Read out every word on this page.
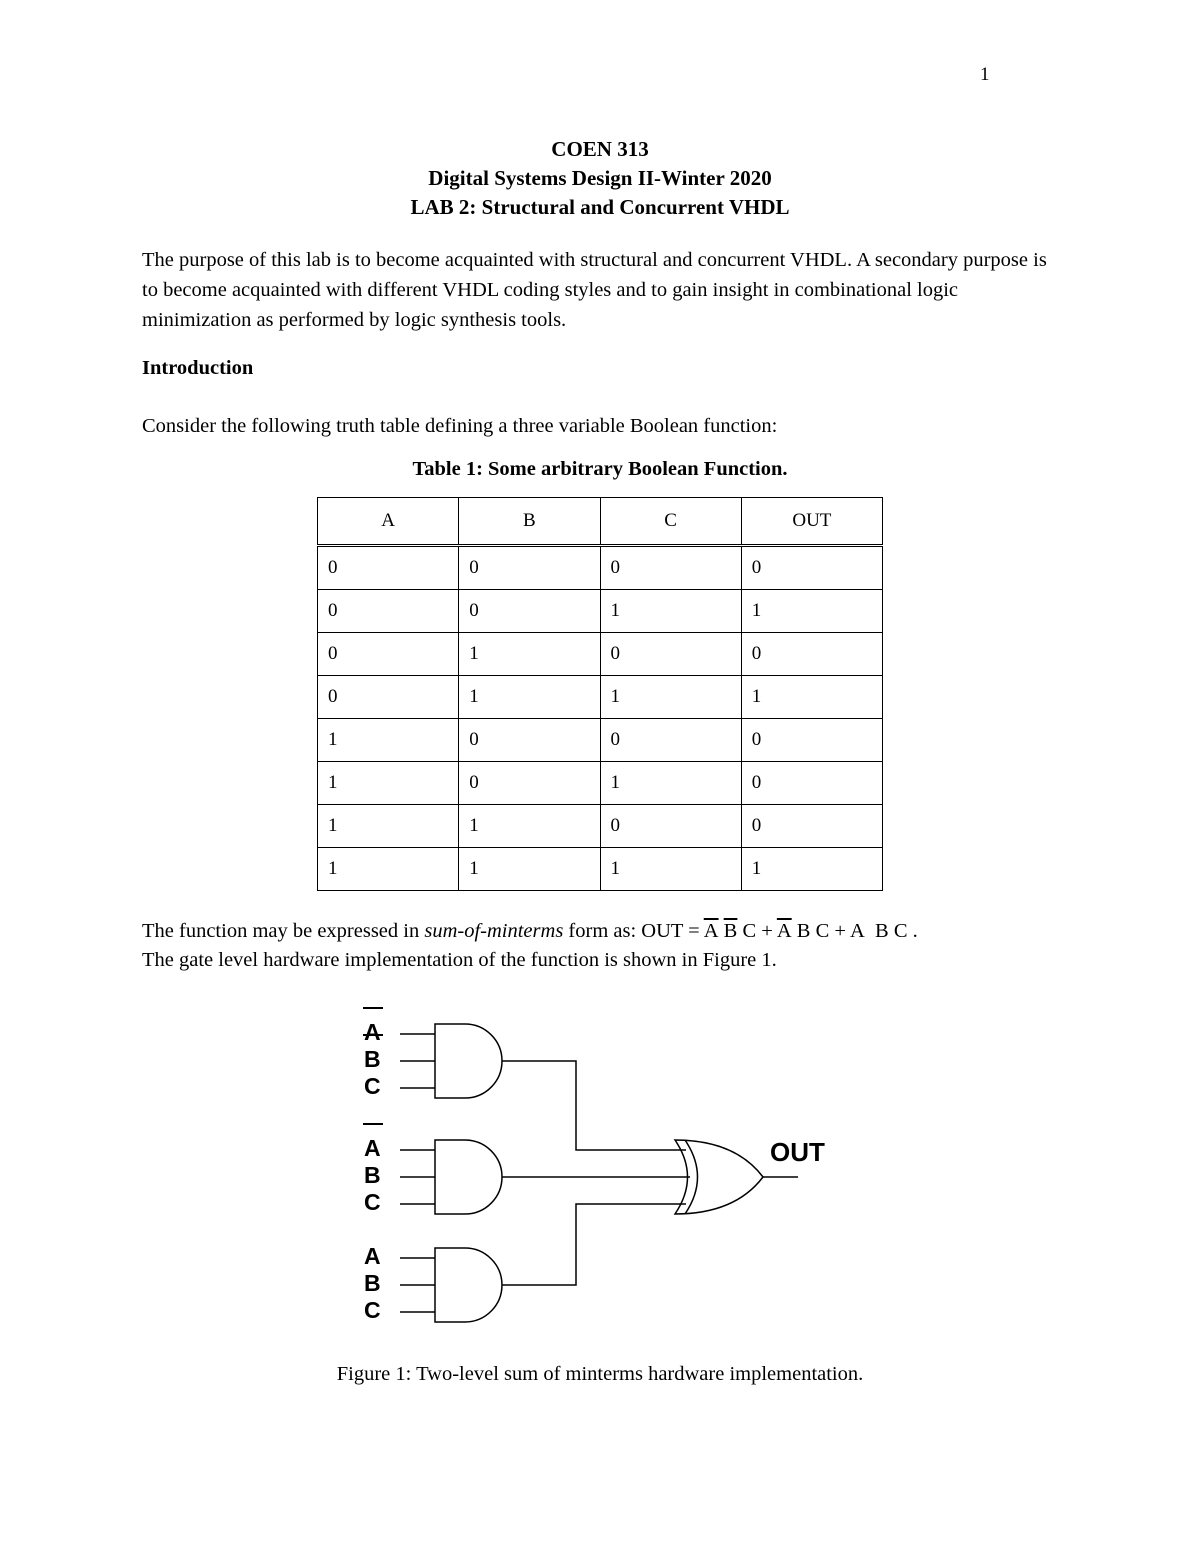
1
COEN 313
Digital Systems Design II-Winter 2020
LAB 2: Structural and Concurrent VHDL

The purpose of this lab is to become acquainted with structural and concurrent VHDL. A secondary purpose is to become acquainted with different VHDL coding styles and to gain insight in combinational logic minimization as performed by logic synthesis tools.

Introduction
Consider the following truth table defining a three variable Boolean function:
Table 1: Some arbitrary Boolean Function.
A	B	C	OUT
0	0	0	0
0	0	1	1
0	1	0	0
0	1	1	1
1	0	0	0
1	0	1	0
1	1	0	0
1	1	1	1
The function may be expressed in sum-of-minterms form as: OUT = $\overline{A}$ $\overline{B}$ $C + \overline{A}$ B C + A B C .
The gate level hardware implementation of the function is shown in Figure 1.
A
B
C
A
B
C
A
B
C
OUT
Figure 1: Two-level sum of minterms hardware implementation.
